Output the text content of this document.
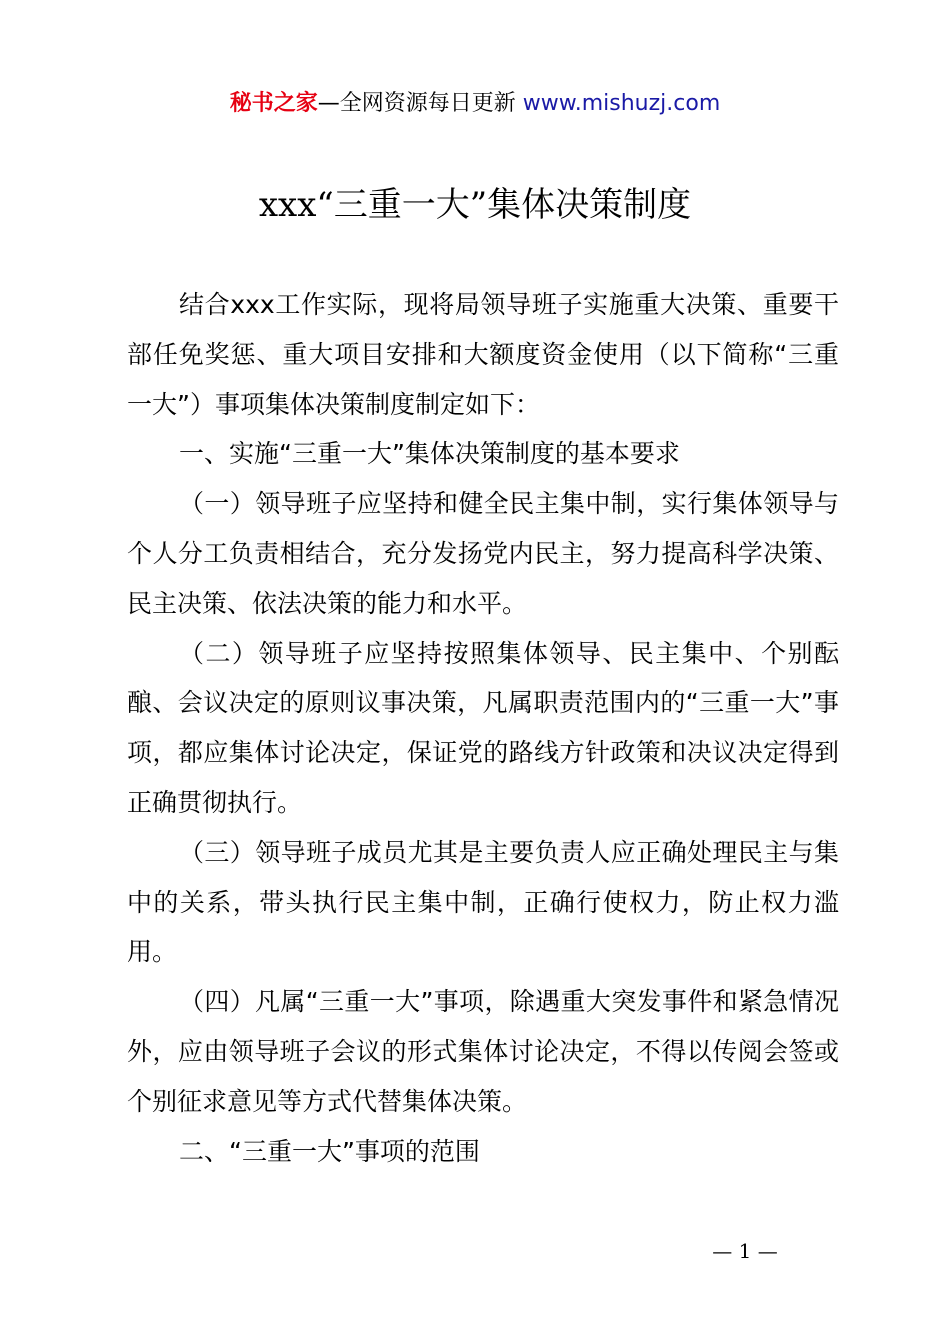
秘书之家—全网资源每日更新 www.mishuzj.com
xxx“三重一大”集体决策制度

结合xxx工作实际，现将局领导班子实施重大决策、重要干部任免奖惩、重大项目安排和大额度资金使用（以下简称“三重一大”）事项集体决策制度制定如下：

一、实施“三重一大”集体决策制度的基本要求

（一）领导班子应坚持和健全民主集中制，实行集体领导与个人分工负责相结合，充分发扬党内民主，努力提高科学决策、民主决策、依法决策的能力和水平。

（二）领导班子应坚持按照集体领导、民主集中、个别酝酿、会议决定的原则议事决策，凡属职责范围内的“三重一大”事项，都应集体讨论决定，保证党的路线方针政策和决议决定得到正确贯彻执行。

（三）领导班子成员尤其是主要负责人应正确处理民主与集中的关系，带头执行民主集中制，正确行使权力，防止权力滥用。

（四）凡属“三重一大”事项，除遇重大突发事件和紧急情况外，应由领导班子会议的形式集体讨论决定，不得以传阅会签或个别征求意见等方式代替集体决策。

二、“三重一大”事项的范围

— 1 —
